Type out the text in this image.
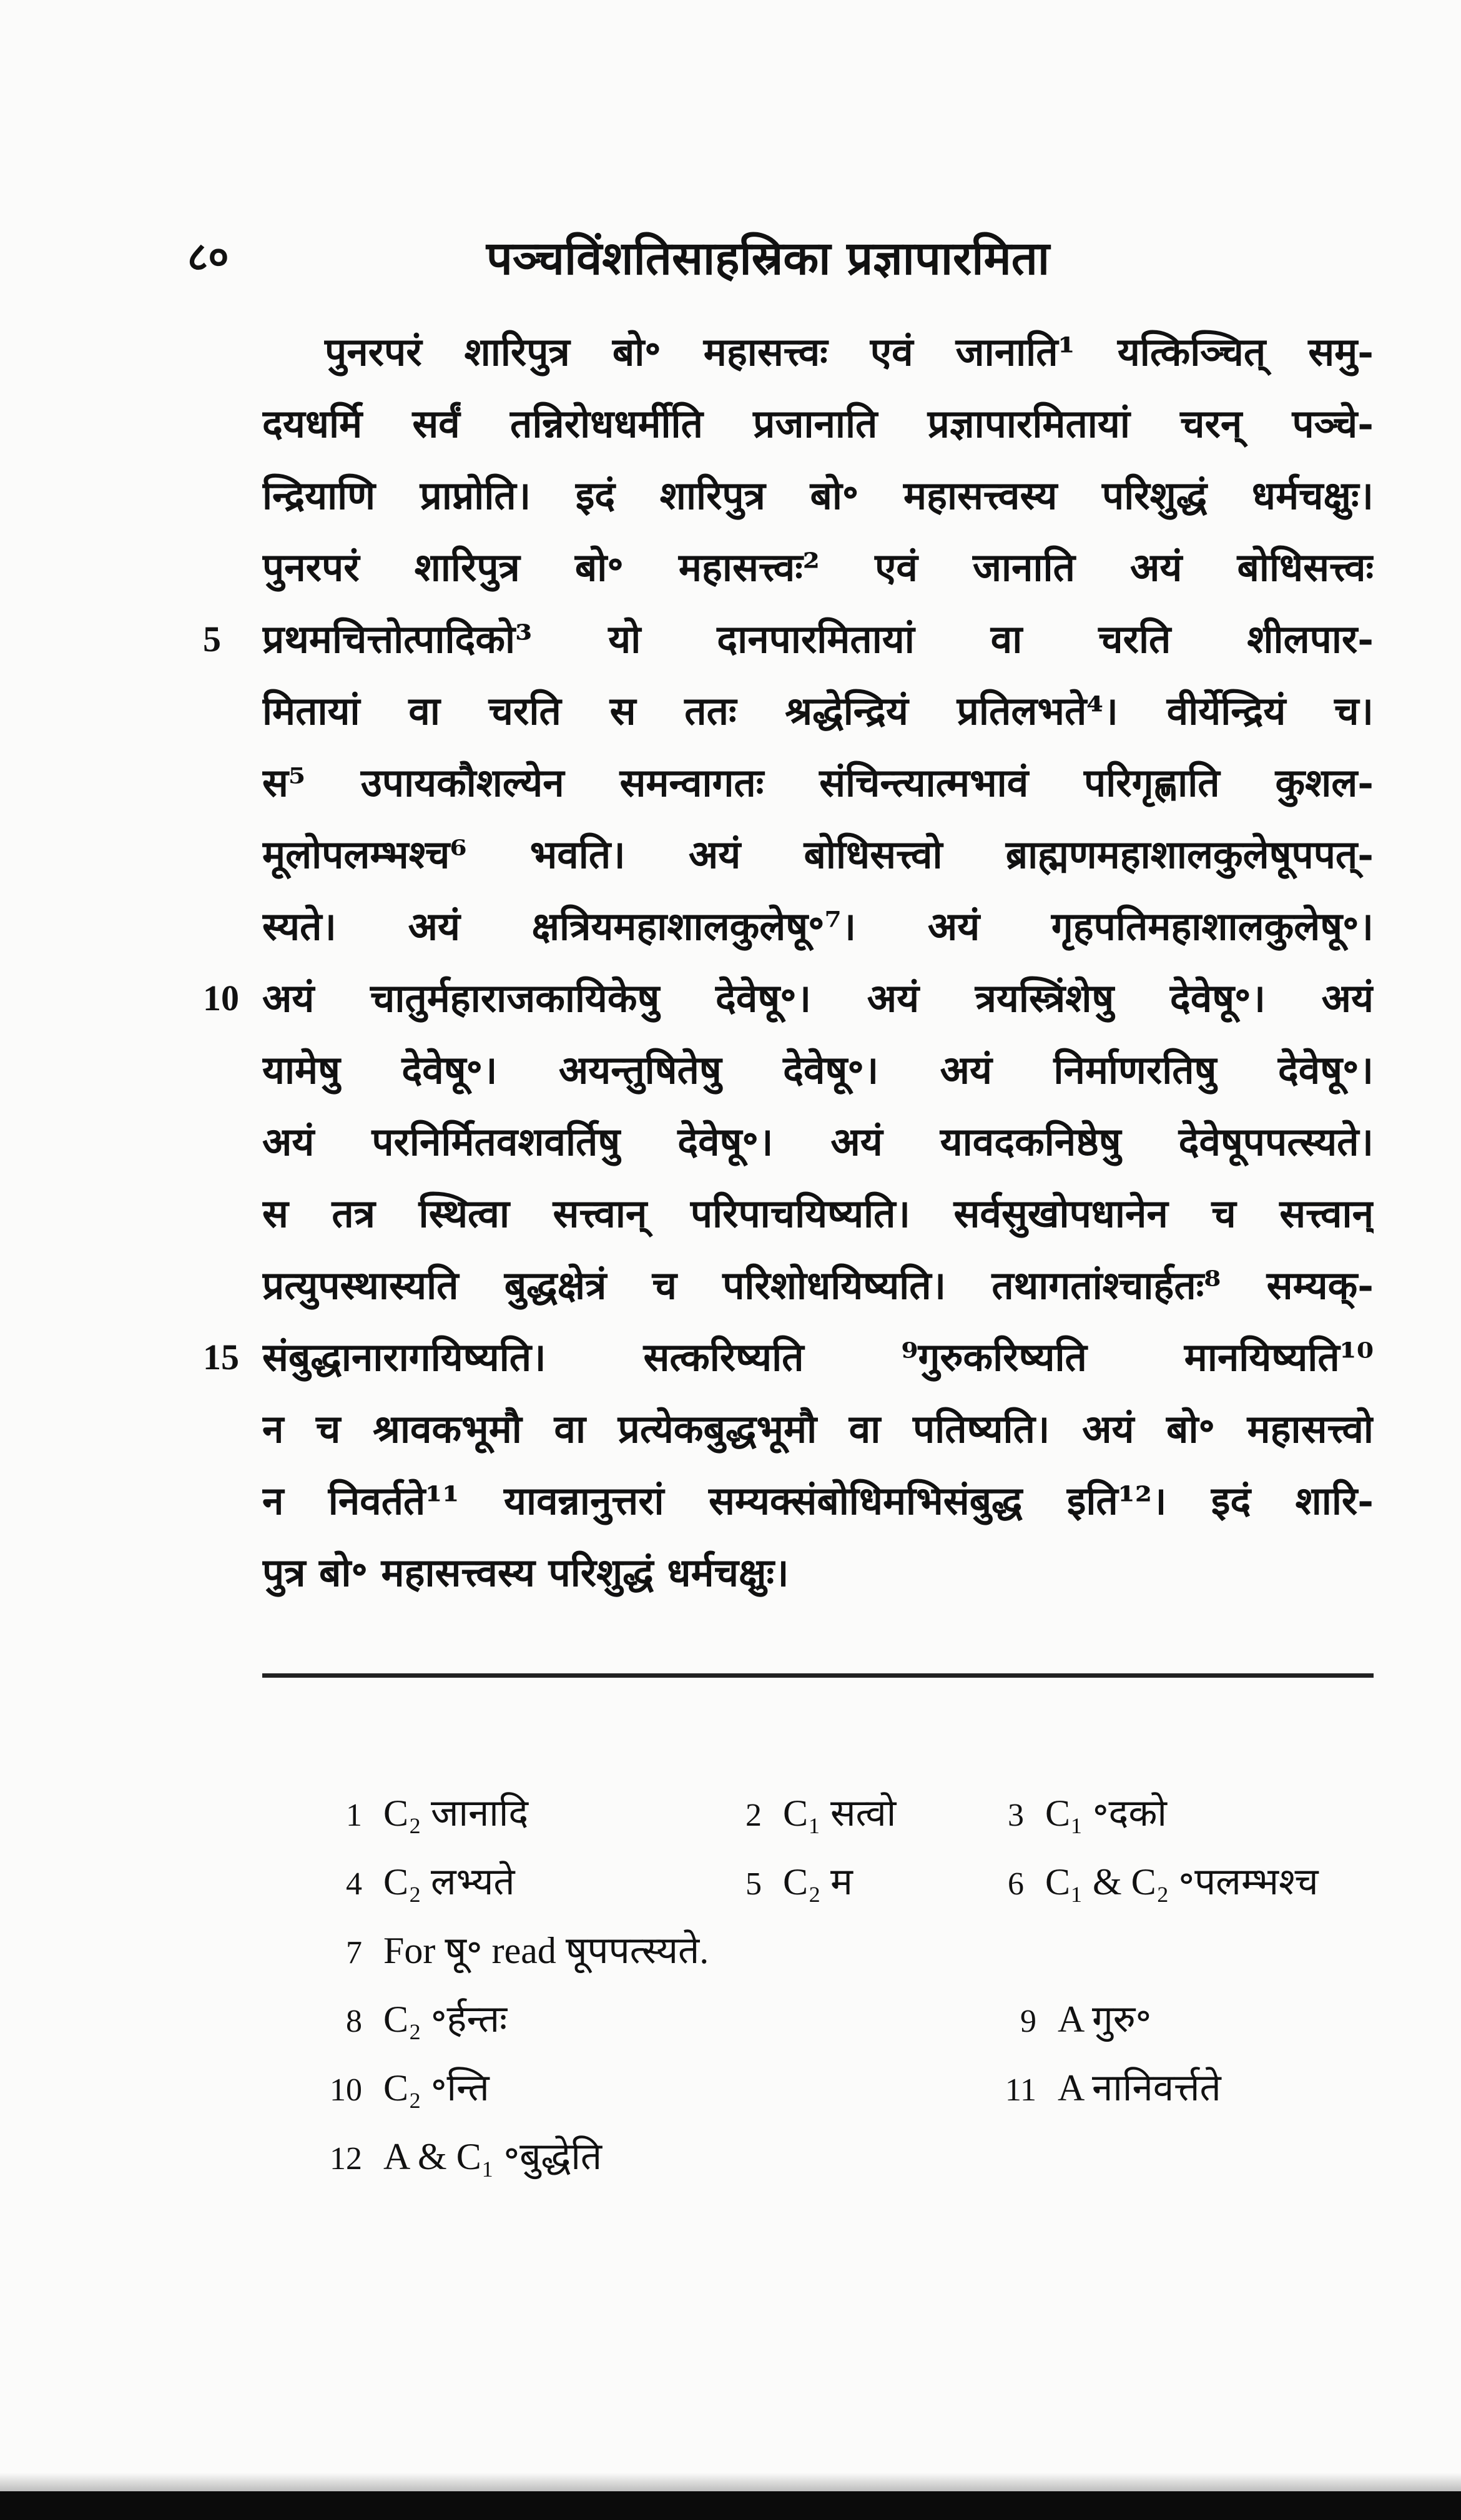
८०	पञ्चविंशतिसाहस्रिका प्रज्ञापारमिता
पुनरपरं शारिपुत्र बो॰ महासत्त्वः एवं जानाति¹ यत्किञ्चित् समु-
दयधर्मि सर्वं तन्निरोधधर्मीति प्रजानाति प्रज्ञापारमितायां चरन् पञ्चे-
न्द्रियाणि प्राप्नोति। इदं शारिपुत्र बो॰ महासत्त्वस्य परिशुद्धं धर्मचक्षुः।
पुनरपरं शारिपुत्र बो॰ महासत्त्वः² एवं जानाति अयं बोधिसत्त्वः
5 प्रथमचित्तोत्पादिको³ यो दानपारमितायां वा चरति शीलपार-
मितायां वा चरति स ततः श्रद्धेन्द्रियं प्रतिलभते⁴। वीर्येन्द्रियं च।
स⁵ उपायकौशल्येन समन्वागतः संचिन्त्यात्मभावं परिगृह्णाति कुशल-
मूलोपलम्भश्च⁶ भवति। अयं बोधिसत्त्वो ब्राह्मणमहाशालकुलेषूपपत्-
स्यते। अयं क्षत्रियमहाशालकुलेषू॰⁷। अयं गृहपतिमहाशालकुलेषू॰।
10 अयं चातुर्महाराजकायिकेषु देवेषू॰। अयं त्रयस्त्रिंशेषु देवेषू॰। अयं
यामेषु देवेषू॰। अयन्तुषितेषु देवेषू॰। अयं निर्माणरतिषु देवेषू॰।
अयं परनिर्मितवशवर्तिषु देवेषू॰। अयं यावदकनिष्ठेषु देवेषूपपत्स्यते।
स तत्र स्थित्वा सत्त्वान् परिपाचयिष्यति। सर्वसुखोपधानेन च सत्त्वान्
प्रत्युपस्थास्यति बुद्धक्षेत्रं च परिशोधयिष्यति। तथागतांश्चार्हतः⁸ सम्यक्-
15 संबुद्धानारागयिष्यति। सत्करिष्यति ⁹गुरुकरिष्यति मानयिष्यति¹⁰
न च श्रावकभूमौ वा प्रत्येकबुद्धभूमौ वा पतिष्यति। अयं बो॰ महासत्त्वो
न निवर्तते¹¹ यावन्नानुत्तरां सम्यक्संबोधिमभिसंबुद्ध इति¹²। इदं शारि-
पुत्र बो॰ महासत्त्वस्य परिशुद्धं धर्मचक्षुः।
1 C₂ जानादि	2 C₁ सत्वो	3 C₁ ॰दको
4 C₂ लभ्यते	5 C₂ म	6 C₁ & C₂ ॰पलम्भश्च
7 For षू॰ read षूपपत्स्यते.
8 C₂ ॰र्हन्तः	9 A गुरु॰
10 C₂ ॰न्ति	11 A नानिवर्त्तते
12 A & C₁ ॰बुद्धेति
